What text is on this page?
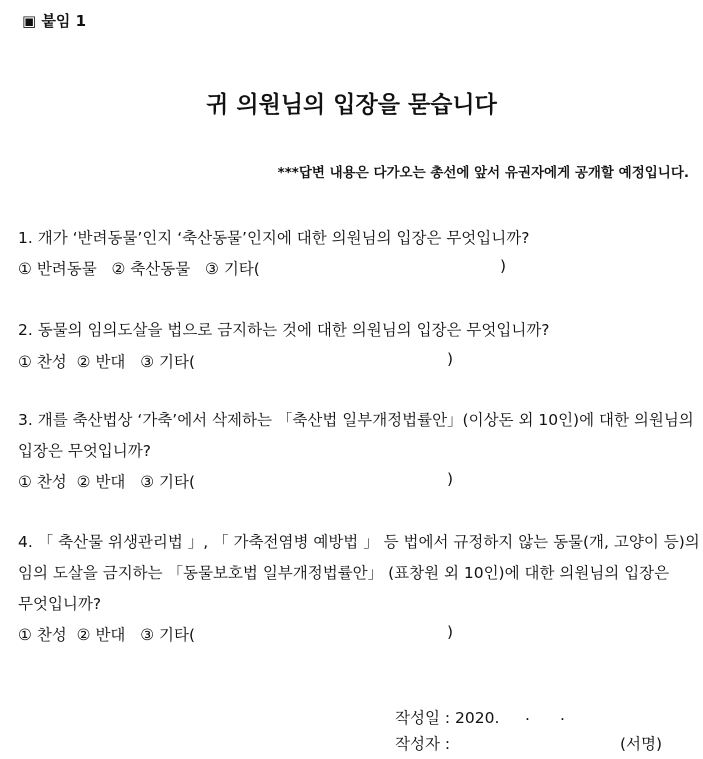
▣ 붙임 1
귀 의원님의 입장을 묻습니다
***답변 내용은 다가오는 총선에 앞서 유권자에게 공개할 예정입니다.
1. 개가 ‘반려동물’인지 ‘축산동물’인지에 대한 의원님의 입장은 무엇입니까?
① 반려동물 ② 축산동물 ③ 기타(	)
2. 동물의 임의도살을 법으로 금지하는 것에 대한 의원님의 입장은 무엇입니까?
① 찬성 ② 반대 ③ 기타(	)
3. 개를 축산법상 ‘가축’에서 삭제하는 「축산법 일부개정법률안」(이상돈 외 10인)에 대한 의원님의
입장은 무엇입니까?
① 찬성 ② 반대 ③ 기타(	)
4. 「 축산물 위생관리법 」, 「 가축전염병 예방법 」 등 법에서 규정하지 않는 동물(개, 고양이 등)의
임의 도살을 금지하는 「동물보호법 일부개정법률안」 (표창원 외 10인)에 대한 의원님의 입장은
무엇입니까?
① 찬성 ② 반대 ③ 기타(	)
작성일 : 2020. . .
작성자 :	(서명)
